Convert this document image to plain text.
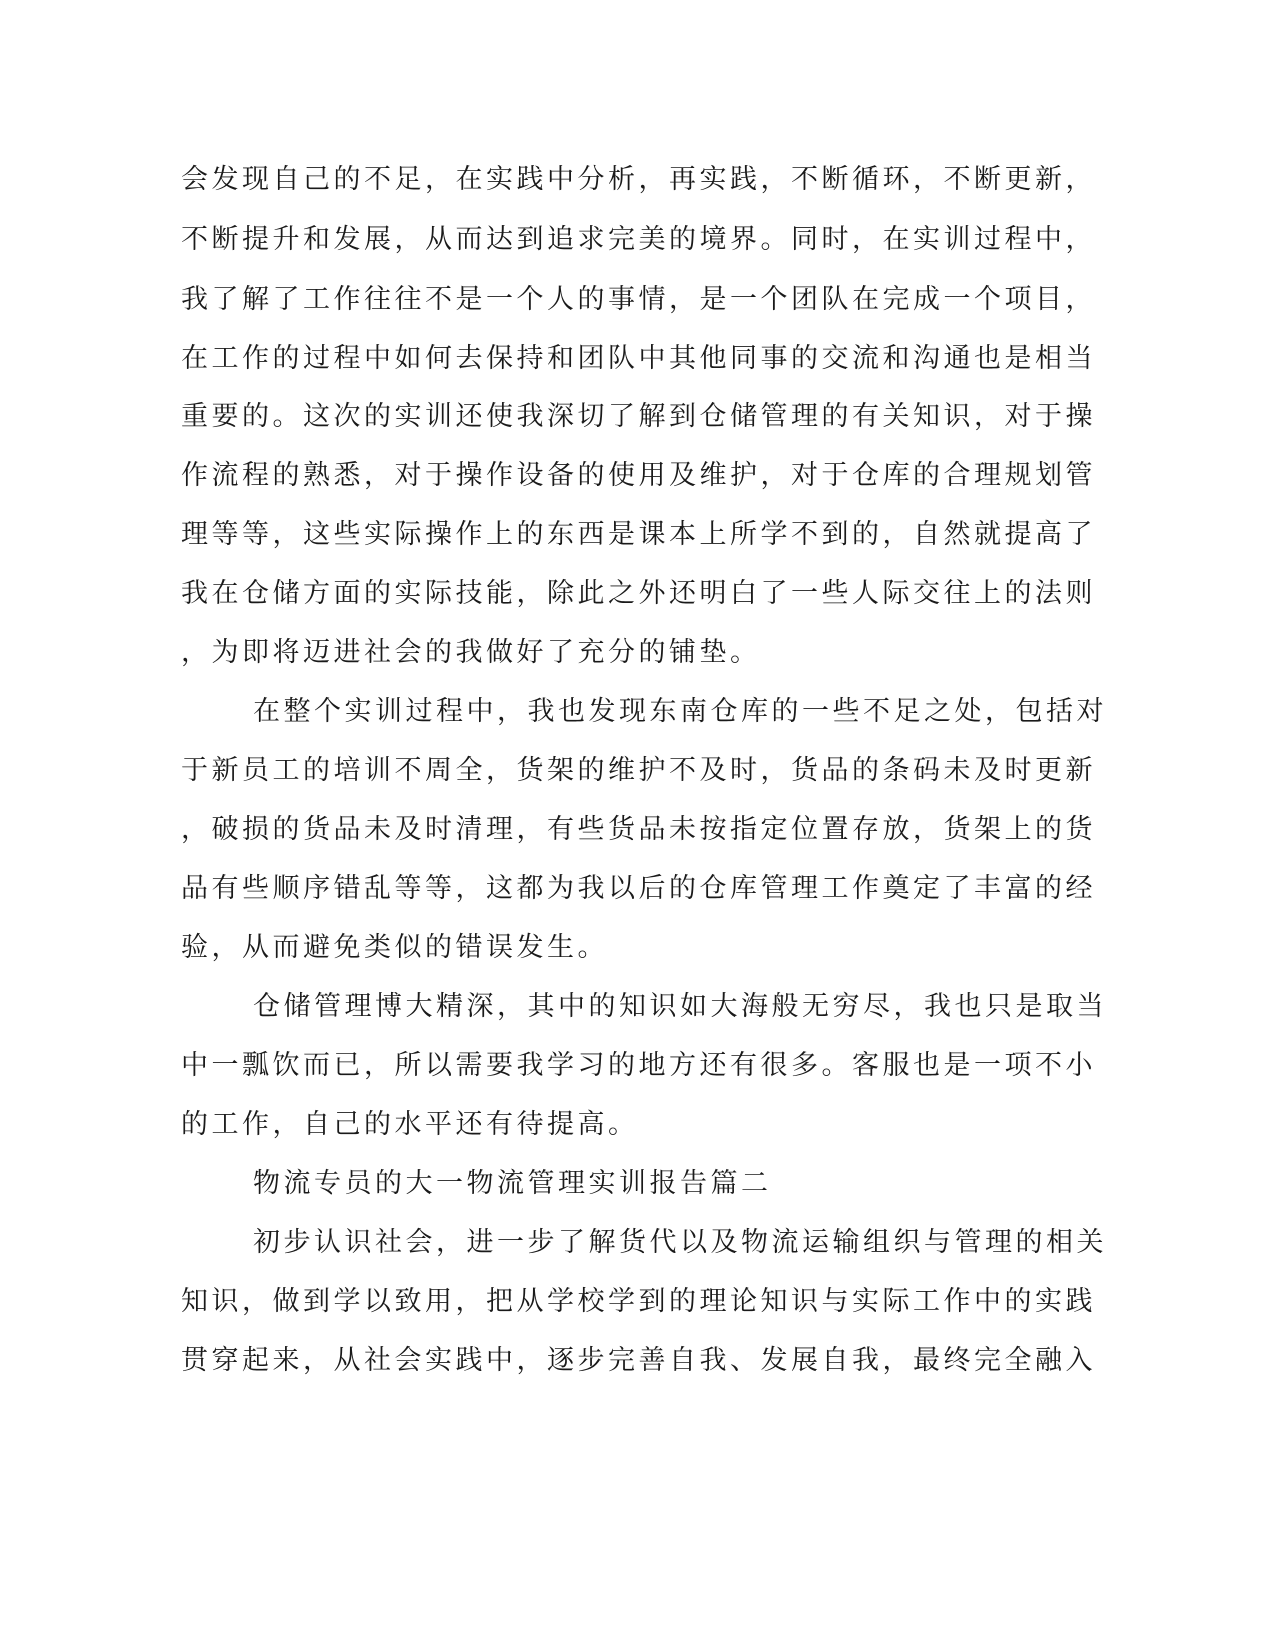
会发现自己的不足，在实践中分析，再实践，不断循环，不断更新，

不断提升和发展，从而达到追求完美的境界。同时，在实训过程中，

我了解了工作往往不是一个人的事情，是一个团队在完成一个项目，

在工作的过程中如何去保持和团队中其他同事的交流和沟通也是相当

重要的。这次的实训还使我深切了解到仓储管理的有关知识，对于操

作流程的熟悉，对于操作设备的使用及维护，对于仓库的合理规划管

理等等，这些实际操作上的东西是课本上所学不到的，自然就提高了

我在仓储方面的实际技能，除此之外还明白了一些人际交往上的法则

，为即将迈进社会的我做好了充分的铺垫。

在整个实训过程中，我也发现东南仓库的一些不足之处，包括对

于新员工的培训不周全，货架的维护不及时，货品的条码未及时更新

，破损的货品未及时清理，有些货品未按指定位置存放，货架上的货

品有些顺序错乱等等，这都为我以后的仓库管理工作奠定了丰富的经

验，从而避免类似的错误发生。

仓储管理博大精深，其中的知识如大海般无穷尽，我也只是取当

中一瓢饮而已，所以需要我学习的地方还有很多。客服也是一项不小

的工作，自己的水平还有待提高。

物流专员的大一物流管理实训报告篇二

初步认识社会，进一步了解货代以及物流运输组织与管理的相关

知识，做到学以致用，把从学校学到的理论知识与实际工作中的实践

贯穿起来，从社会实践中，逐步完善自我、发展自我，最终完全融入
